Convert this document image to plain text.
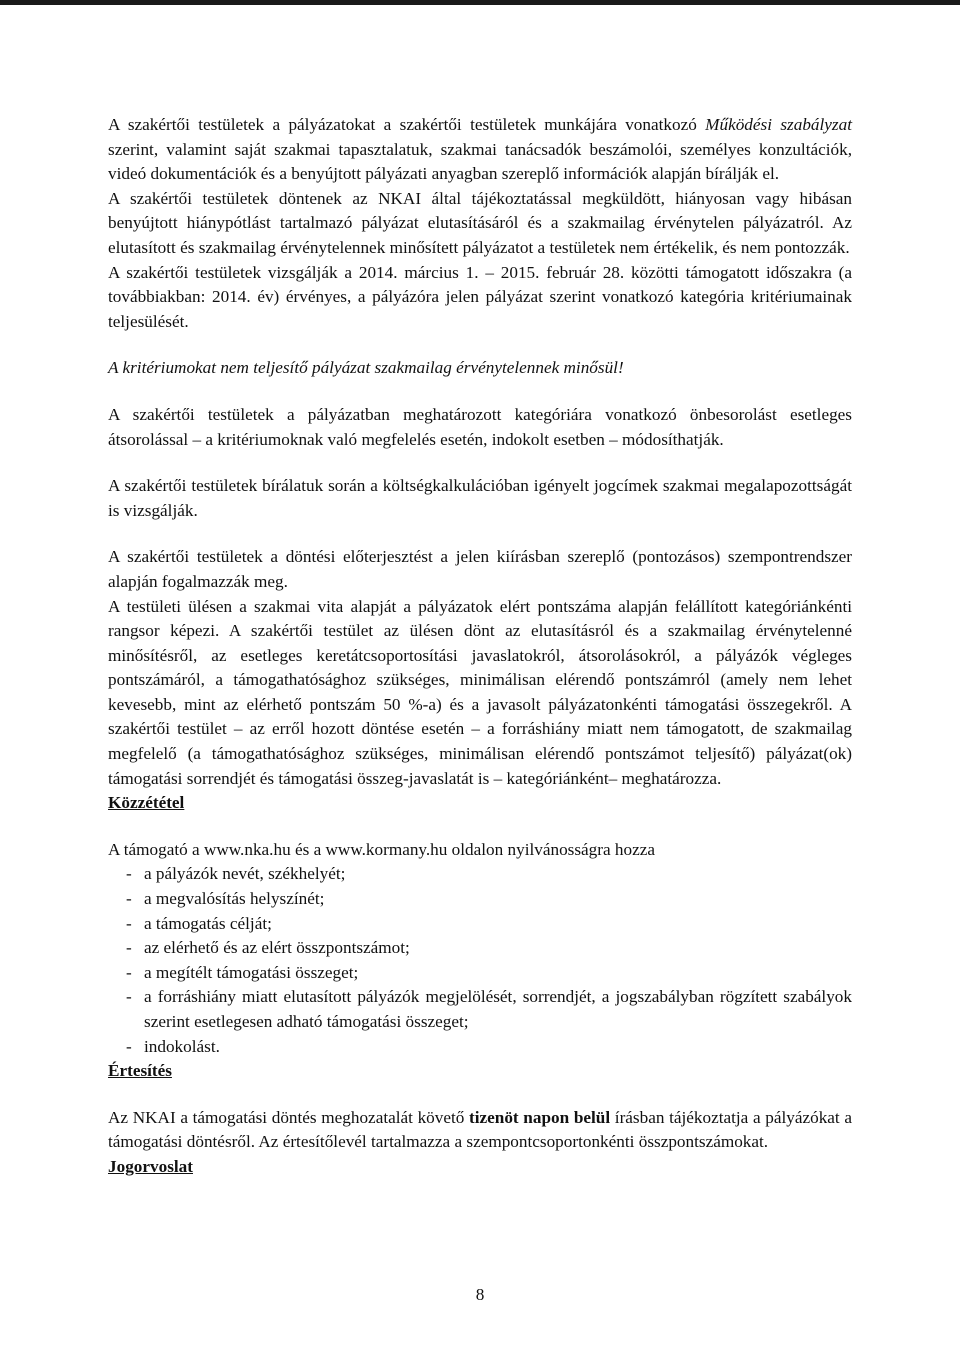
A szakértői testületek a pályázatokat a szakértői testületek munkájára vonatkozó Működési szabályzat szerint, valamint saját szakmai tapasztalatuk, szakmai tanácsadók beszámolói, személyes konzultációk, videó dokumentációk és a benyújtott pályázati anyagban szereplő információk alapján bírálják el.

A szakértői testületek döntenek az NKAI által tájékoztatással megküldött, hiányosan vagy hibásan benyújtott hiánypótlást tartalmazó pályázat elutasításáról és a szakmailag érvénytelen pályázatról. Az elutasított és szakmailag érvénytelennek minősített pályázatot a testületek nem értékelik, és nem pontozzák.

A szakértői testületek vizsgálják a 2014. március 1. – 2015. február 28. közötti támogatott időszakra (a továbbiakban: 2014. év) érvényes, a pályázóra jelen pályázat szerint vonatkozó kategória kritériumainak teljesülését.

A kritériumokat nem teljesítő pályázat szakmailag érvénytelennek minősül!

A szakértői testületek a pályázatban meghatározott kategóriára vonatkozó önbesorolást esetleges átsorolással – a kritériumoknak való megfelelés esetén, indokolt esetben – módosíthatják.

A szakértői testületek bírálatuk során a költségkalkulációban igényelt jogcímek szakmai megalapozottságát is vizsgálják.

A szakértői testületek a döntési előterjesztést a jelen kiírásban szereplő (pontozásos) szempontrendszer alapján fogalmazzák meg.

A testületi ülésen a szakmai vita alapját a pályázatok elért pontszáma alapján felállított kategóriánkénti rangsor képezi. A szakértői testület az ülésen dönt az elutasításról és a szakmailag érvénytelenné minősítésről, az esetleges keretátcsoportosítási javaslatokról, átsorolásokról, a pályázók végleges pontszámáról, a támogathatósághoz szükséges, minimálisan elérendő pontszámról (amely nem lehet kevesebb, mint az elérhető pontszám 50 %-a) és a javasolt pályázatonkénti támogatási összegekről. A szakértői testület – az erről hozott döntése esetén – a forráshiány miatt nem támogatott, de szakmailag megfelelő (a támogathatósághoz szükséges, minimálisan elérendő pontszámot teljesítő) pályázat(ok) támogatási sorrendjét és támogatási összeg-javaslatát is – kategóriánként– meghatározza.

Közzététel

A támogató a www.nka.hu és a www.kormany.hu oldalon nyilvánosságra hozza

- a pályázók nevét, székhelyét;
- a megvalósítás helyszínét;
- a támogatás célját;
- az elérhető és az elért összpontszámot;
- a megítélt támogatási összeget;
- a forráshiány miatt elutasított pályázók megjelölését, sorrendjét, a jogszabályban rögzített szabályok szerint esetlegesen adható támogatási összeget;
- indokolást.
Értesítés

Az NKAI a támogatási döntés meghozatalát követő tizenöt napon belül írásban tájékoztatja a pályázókat a támogatási döntésről. Az értesítőlevél tartalmazza a szempontcsoportonkénti összpontszámokat.

Jogorvoslat
8
